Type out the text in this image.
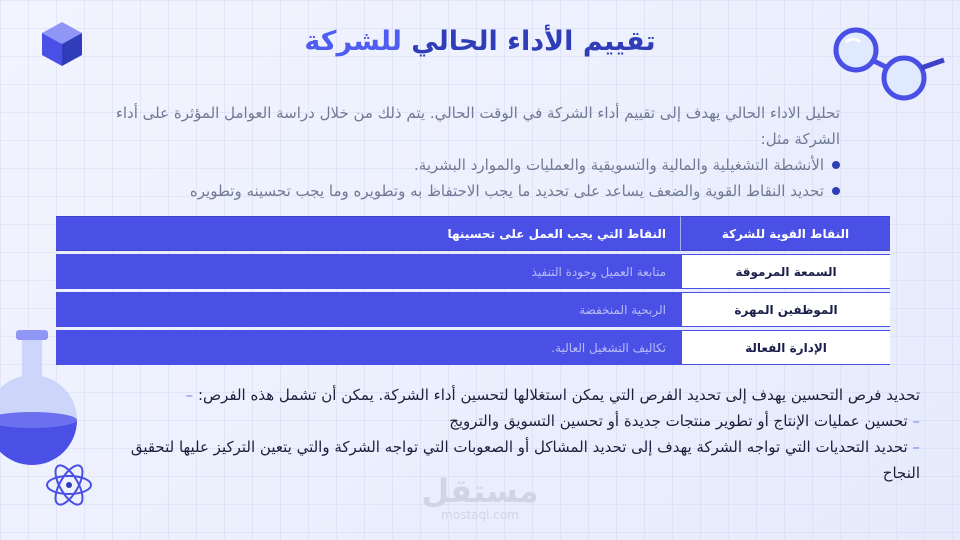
تقييم الأداء الحالي للشركة

تحليل الاداء الحالي يهدف إلى تقييم أداء الشركة في الوقت الحالي. يتم ذلك من خلال دراسة العوامل المؤثرة على أداء الشركة مثل:

الأنشطة التشغيلية والمالية والتسويقية والعمليات والموارد البشرية.
تحديد النقاط القوية والضعف يساعد على تحديد ما يجب الاحتفاظ به وتطويره وما يجب تحسينه وتطويره
النقاط القوية للشركة	النقاط التي يجب العمل على تحسينها
السمعة المرموقة	متابعة العميل وجودة التنفيذ
الموظفين المهرة	الربحية المنخفضة
الإدارة الفعالة	تكاليف التشغيل العالية.

تحديد فرص التحسين يهدف إلى تحديد الفرص التي يمكن استغلالها لتحسين أداء الشركة. يمكن أن تشمل هذه الفرص: –

– تحسين عمليات الإنتاج أو تطوير منتجات جديدة أو تحسين التسويق والترويج

– تحديد التحديات التي تواجه الشركة يهدف إلى تحديد المشاكل أو الصعوبات التي تواجه الشركة والتي يتعين التركيز عليها لتحقيق النجاح

مستقل
mostaql.com
